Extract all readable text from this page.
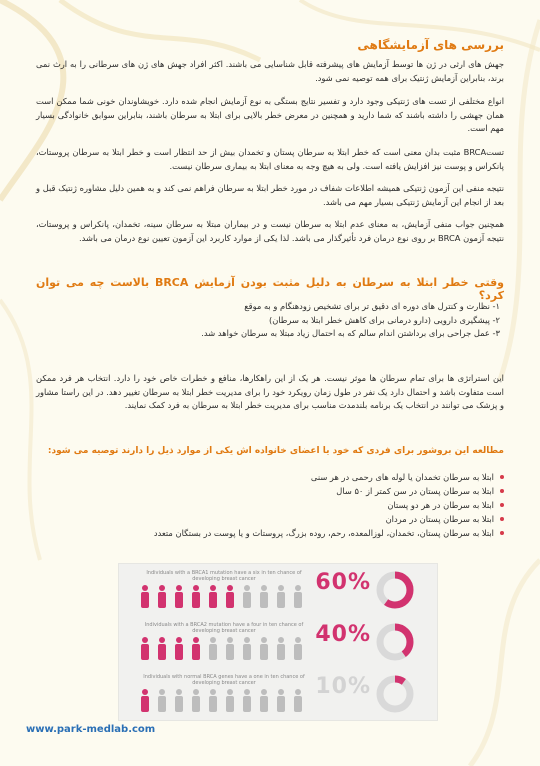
بررسی های آزمایشگاهی
جهش های ارثی در ژن ها توسط آزمایش های پیشرفته قابل شناسایی می باشند. اکثر افراد جهش های ژن های سرطانی را به ارث نمی برند، بنابراین آزمایش ژنتیک برای همه توصیه نمی شود.
انواع مختلفی از تست های ژنتیکی وجود دارد و تفسیر نتایج بستگی به نوع آزمایش انجام شده دارد. خویشاوندان خونی شما ممکن است همان جهشی را داشته باشند که شما دارید و همچنین در معرض خطر بالایی برای ابتلا به سرطان باشند، بنابراین سوابق خانوادگی بسیار مهم است.
تستBRCA مثبت بدان معنی است که خطر ابتلا به سرطان پستان و تخمدان بیش از حد انتظار است و خطر ابتلا به سرطان پروستات، پانکراس و پوست نیز افزایش یافته است. ولی به هیچ وجه به معنای ابتلا به بیماری سرطان نیست.
نتیجه منفی این آزمون ژنتیکی همیشه اطلاعات شفاف در مورد خطر ابتلا به سرطان فراهم نمی کند و به همین دلیل مشاوره ژنتیک قبل و بعد از انجام این آزمایش ژنتیکی بسیار مهم می باشد.
همچنین جواب منفی آزمایش، به معنای عدم ابتلا به سرطان نیست و در بیماران مبتلا به سرطان سینه، تخمدان، پانکراس و پروستات، نتیجه آزمون BRCA بر روی نوع درمان فرد تأثیرگذار می باشد. لذا یکی از موارد کاربرد این آزمون تعیین نوع درمان می باشد.
وقتی خطر ابتلا به سرطان به دلیل مثبت بودن آزمایش BRCA بالاست چه می توان کرد؟
۱- نظارت و کنترل های دوره ای دقیق تر برای تشخیص زودهنگام و به موقع
۲- پیشگیری دارویی (دارو درمانی برای کاهش خطر ابتلا به سرطان)
۳- عمل جراحی برای برداشتن اندام سالم که به احتمال زیاد مبتلا به سرطان خواهد شد.
این استراتژی ها برای تمام سرطان ها موثر نیست. هر یک از این راهکارها، منافع و خطرات خاص خود را دارد. انتخاب هر فرد ممکن است متفاوت باشد و احتمال دارد یک نفر در طول زمان رویکرد خود را برای مدیریت خطر ابتلا به سرطان تغییر دهد. در این راستا مشاور و پزشک می توانند در انتخاب یک برنامه بلندمدت مناسب برای مدیریت خطر ابتلا به سرطان به فرد کمک نمایند.
مطالعه این بروشور برای فردی که خود یا اعضای خانواده اش یکی از موارد ذیل را دارند توصیه می شود:
ابتلا به سرطان تخمدان یا لوله های رحمی در هر سنی
ابتلا به سرطان پستان در سن کمتر از ۵۰ سال
ابتلا به سرطان در هر دو پستان
ابتلا به سرطان پستان در مردان
ابتلا به سرطان پستان، تخمدان، لوزالمعده، رحم، روده بزرگ، پروستات و یا پوست در بستگان متعدد
Individuals with a BRCA1 mutation have a six in ten chance of developing breast cancer	60%
Individuals with a BRCA2 mutation have a four in ten chance of developing breast cancer	40%
Individuals with normal BRCA genes have a one in ten chance of developing breast cancer	10%
www.park-medlab.com
